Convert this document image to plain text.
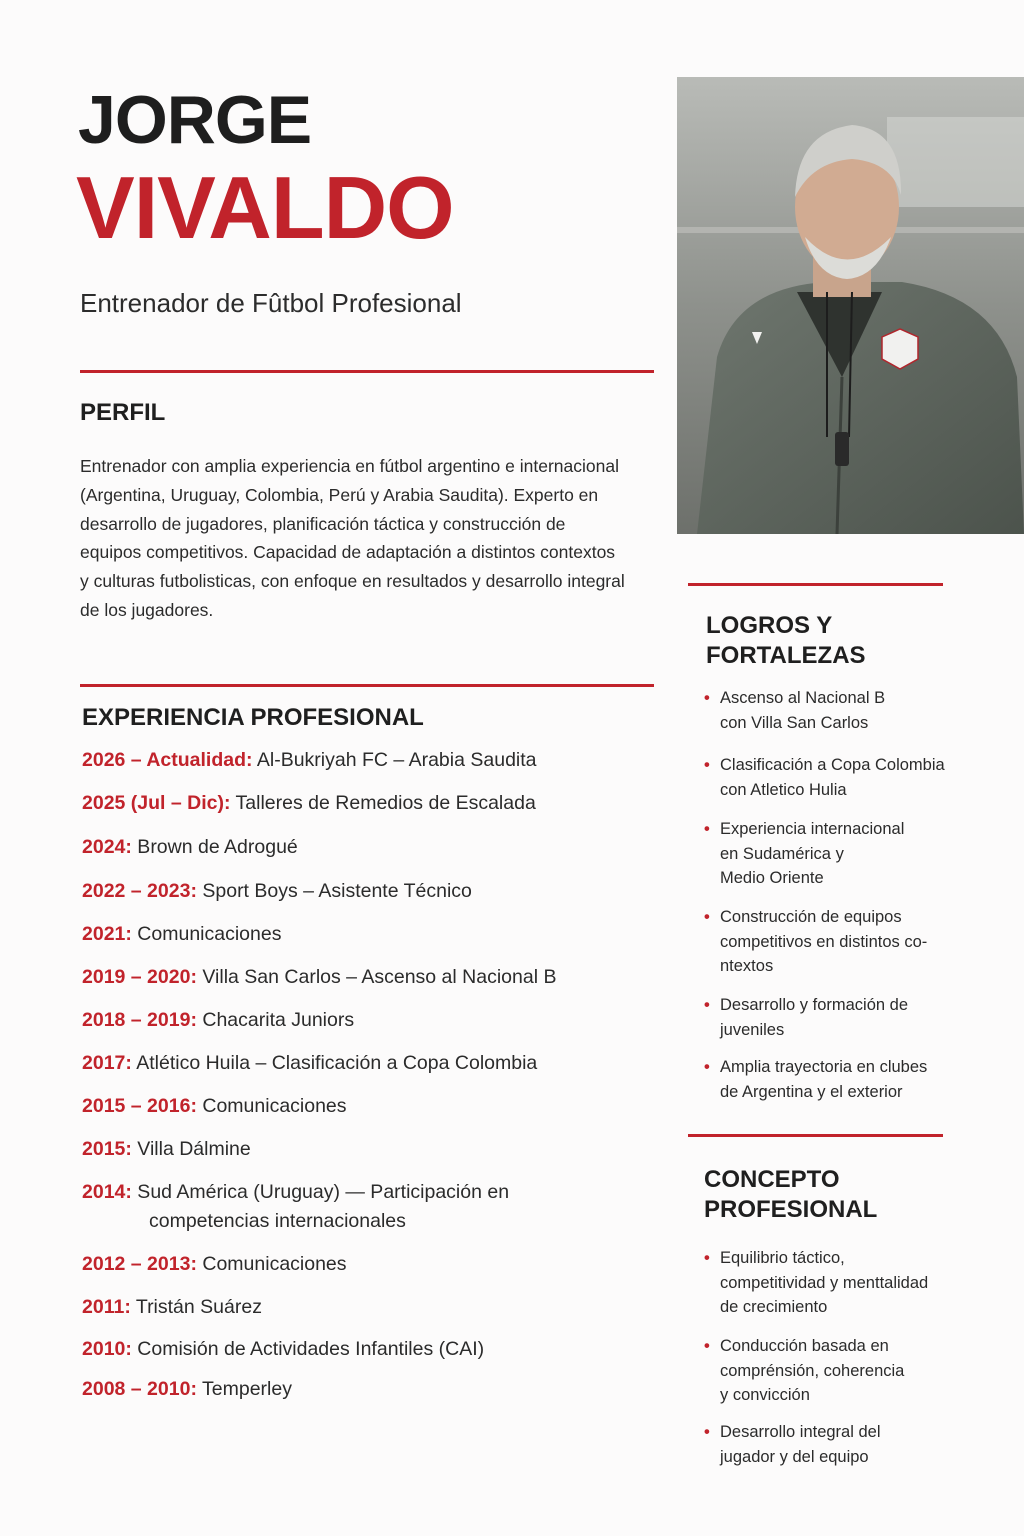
JORGE
VIVALDO

Entrenador de Fûtbol Profesional

PERFIL

Entrenador con amplia experiencia en fútbol argentino e internacional (Argentina, Uruguay, Colombia, Perú y Arabia Saudita). Experto en desarrollo de jugadores, planificación táctica y construcción de equipos competitivos. Capacidad de adaptación a distintos contextos y culturas futbolisticas, con enfoque en resultados y desarrollo integral de los jugadores.

EXPERIENCIA PROFESIONAL
2026 – Actualidad: Al-Bukriyah FC – Arabia Saudita
2025 (Jul – Dic): Talleres de Remedios de Escalada
2024: Brown de Adrogué
2022 – 2023: Sport Boys – Asistente Técnico
2021: Comunicaciones
2019 – 2020: Villa San Carlos – Ascenso al Nacional B
2018 – 2019: Chacarita Juniors
2017: Atlético Huila – Clasificación a Copa Colombia
2015 – 2016: Comunicaciones
2015: Villa Dálmine
2014: Sud América (Uruguay) — Participación en
competencias internacionales
2012 – 2013: Comunicaciones
2011: Tristán Suárez
2010: Comisión de Actividades Infantiles (CAI)
2008 – 2010: Temperley
LOGROS Y
FORTALEZAS
• Ascenso al Nacional B
con Villa San Carlos
• Clasificación a Copa Colombia
con Atletico Hulia
• Experiencia internacional
en Sudamérica y
Medio Oriente
• Construcción de equipos
competitivos en distintos co-
ntextos
• Desarrollo y formación de
juveniles
• Amplia trayectoria en clubes
de Argentina y el exterior
CONCEPTO
PROFESIONAL
• Equilibrio táctico,
competitividad y menttalidad
de crecimiento
• Conducción basada en
comprénsión, coherencia
y convicción
• Desarrollo integral del
jugador y del equipo
